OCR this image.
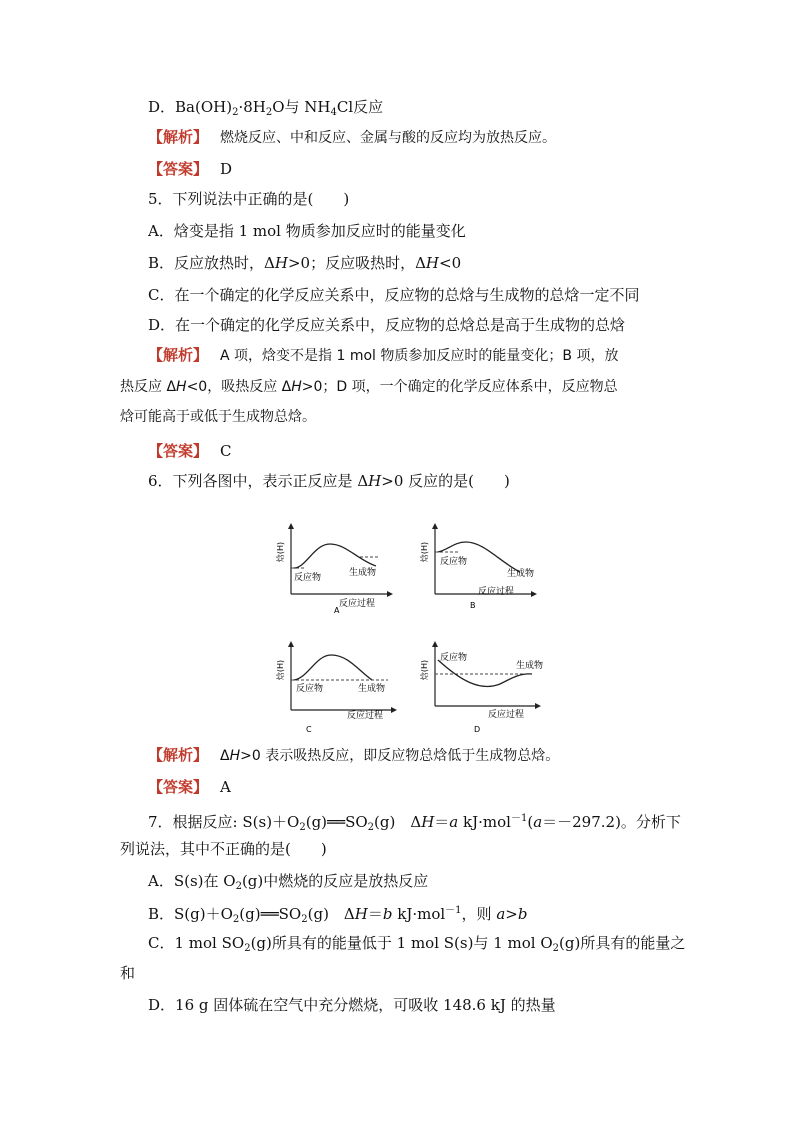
D．$Ba(OH)_2\cdot 8H_2O$与 $NH_4Cl$反应
【解析】 燃烧反应、中和反应、金属与酸的反应均为放热反应。
【答案】 D
5．下列说法中正确的是(　　)
A．焓变是指 1 mol 物质参加反应时的能量变化
B．反应放热时，ΔH>0；反应吸热时，ΔH<0
C．在一个确定的化学反应关系中，反应物的总焓与生成物的总焓一定不同
D．在一个确定的化学反应关系中，反应物的总焓总是高于生成物的总焓
【解析】 A 项，焓变不是指 1 mol 物质参加反应时的能量变化；B 项，放
热反应 ΔH<0，吸热反应 ΔH>0；D 项，一个确定的化学反应体系中，反应物总
焓可能高于或低于生成物总焓。
【答案】 C
6．下列各图中，表示正反应是 ΔH>0 反应的是(　　)
焓(H)
反应物	生成物
反应过程
A
焓(H) 反应物
生成物
反应过程
B
焓(H)
反应物	生成物
反应过程
C
焓(H)
反应物
生成物
反应过程
D
【解析】 ΔH>0 表示吸热反应，即反应物总焓低于生成物总焓。
【答案】 A
7．根据反应: $S(s)+O_2(g)══SO_2(g)$　ΔH＝a kJ·mol$^{-1}$(a＝－297.2)。分析下
列说法，其中不正确的是(　　)
A．S(s)在 $O_2(g)$中燃烧的反应是放热反应
B．$S(g)+O_2(g)══SO_2(g)$　ΔH＝b kJ·mol$^{-1}$，则 a>b
C．1 mol $SO_2(g)$所具有的能量低于 1 mol S(s)与 1 mol $O_2(g)$所具有的能量之
和
D．16 g 固体硫在空气中充分燃烧，可吸收 148.6 kJ 的热量
